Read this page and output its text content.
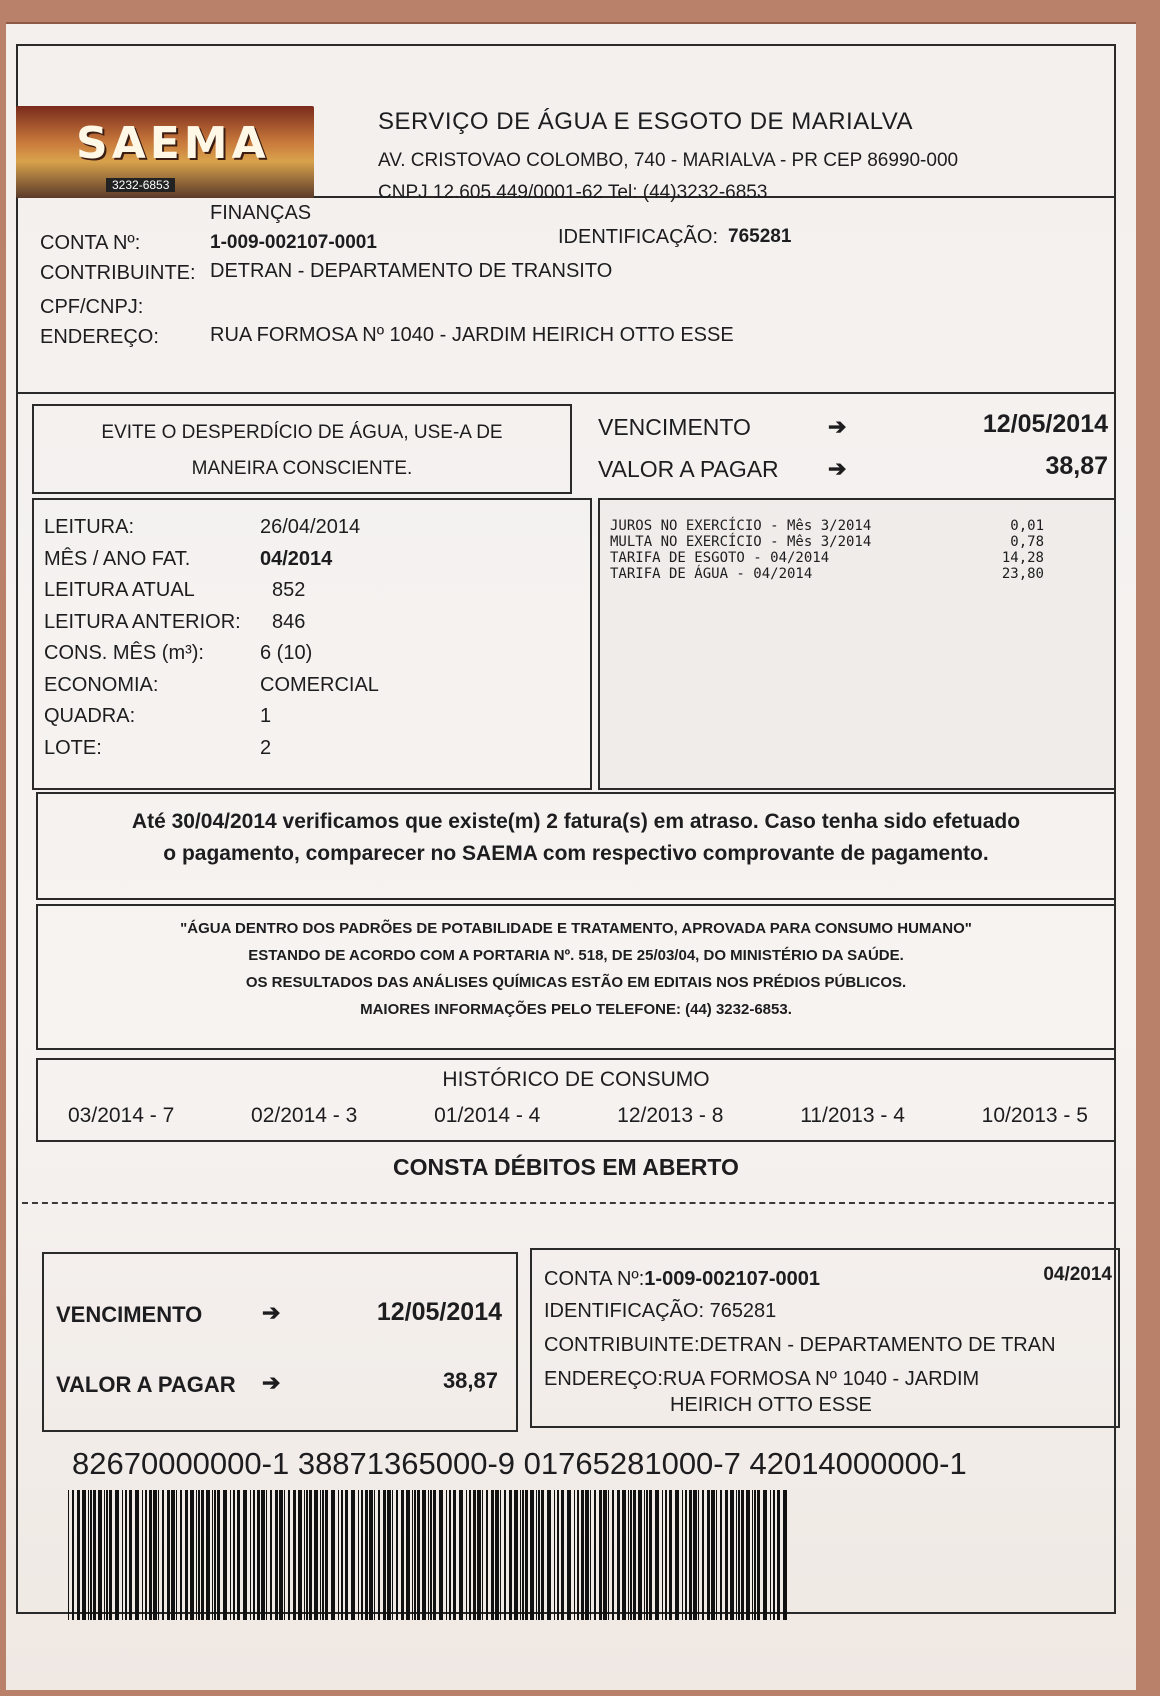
SAEMA
3232-6853
SERVIÇO DE ÁGUA E ESGOTO DE MARIALVA
AV. CRISTOVAO COLOMBO, 740 - MARIALVA - PR CEP 86990-000
CNPJ 12.605.449/0001-62 Tel: (44)3232-6853
FINANÇAS
CONTA Nº:	1-009-002107-0001	IDENTIFICAÇÃO: 765281
CONTRIBUINTE: DETRAN - DEPARTAMENTO DE TRANSITO
CPF/CNPJ:
ENDEREÇO:	RUA FORMOSA Nº 1040 - JARDIM HEIRICH OTTO ESSE
EVITE O DESPERDÍCIO DE ÁGUA, USE-A DE
MANEIRA CONSCIENTE.
VENCIMENTO	➔	12/05/2014
VALOR A PAGAR ➔	38,87
LEITURA:	26/04/2014
MÊS / ANO FAT.	04/2014
LEITURA ATUAL	852
LEITURA ANTERIOR: 846
CONS. MÊS (m³):	6 (10)
ECONOMIA:	COMERCIAL
QUADRA:	1
LOTE:	2
JUROS NO EXERCÍCIO - Mês 3/2014	0,01
MULTA NO EXERCÍCIO - Mês 3/2014	0,78
TARIFA DE ESGOTO - 04/2014	14,28
TARIFA DE ÁGUA - 04/2014	23,80
Até 30/04/2014 verificamos que existe(m) 2 fatura(s) em atraso. Caso tenha sido efetuado
o pagamento, comparecer no SAEMA com respectivo comprovante de pagamento.
"ÁGUA DENTRO DOS PADRÕES DE POTABILIDADE E TRATAMENTO, APROVADA PARA CONSUMO HUMANO"
ESTANDO DE ACORDO COM A PORTARIA Nº. 518, DE 25/03/04, DO MINISTÉRIO DA SAÚDE.
OS RESULTADOS DAS ANÁLISES QUÍMICAS ESTÃO EM EDITAIS NOS PRÉDIOS PÚBLICOS.
MAIORES INFORMAÇÕES PELO TELEFONE: (44) 3232-6853.
HISTÓRICO DE CONSUMO
03/2014 - 7	02/2014 - 3	01/2014 - 4	12/2013 - 8	11/2013 - 4	10/2013 - 5
CONSTA DÉBITOS EM ABERTO
VENCIMENTO	➔	12/05/2014
VALOR A PAGAR ➔	38,87
CONTA Nº:1-009-002107-0001	04/2014
IDENTIFICAÇÃO: 765281
CONTRIBUINTE:DETRAN - DEPARTAMENTO DE TRAN
ENDEREÇO:RUA FORMOSA Nº 1040 - JARDIM
HEIRICH OTTO ESSE
82670000000-1 38871365000-9 01765281000-7 42014000000-1
